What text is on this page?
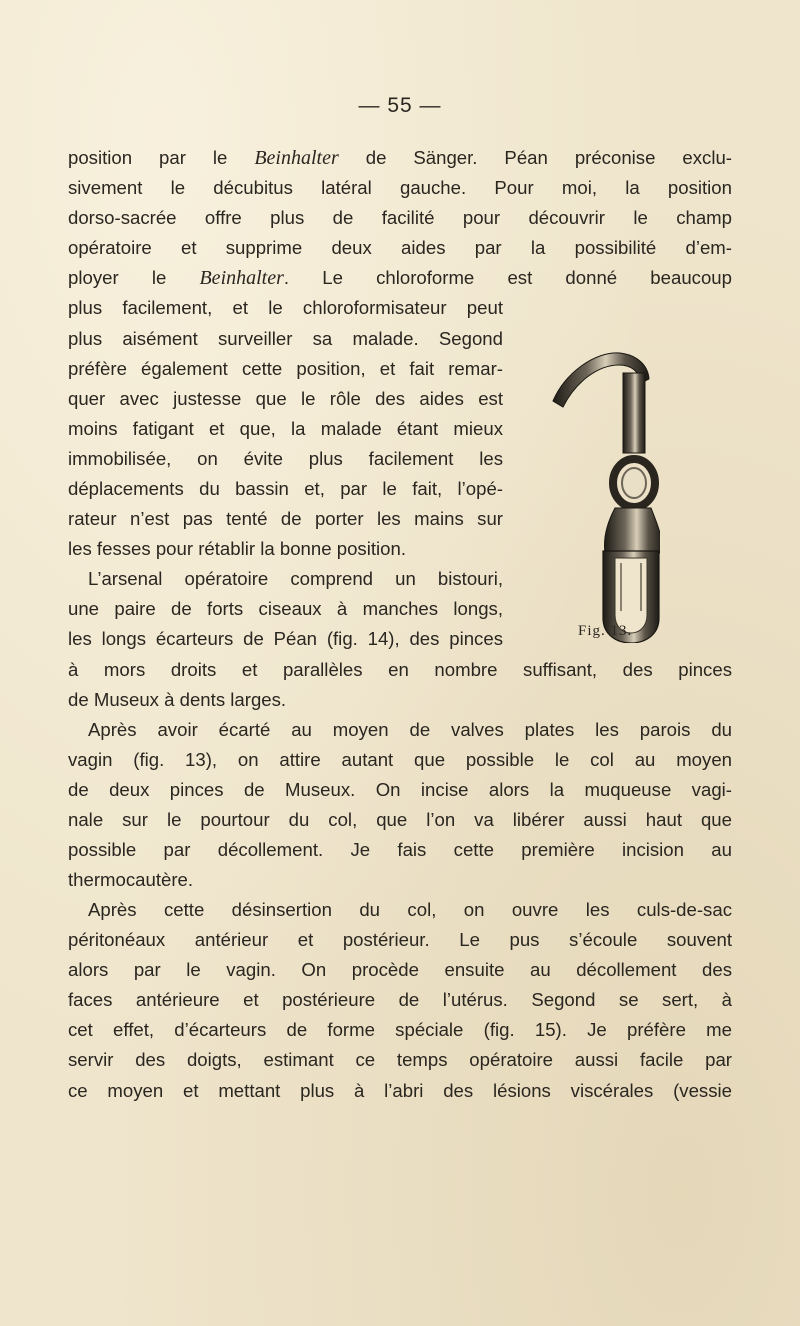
— 55 —
position par le Beinhalter de Sänger. Péan préconise exclu-
sivement le décubitus latéral gauche. Pour moi, la position
dorso-sacrée offre plus de facilité pour découvrir le champ
opératoire et supprime deux aides par la possibilité d’em-
ployer le Beinhalter. Le chloroforme est donné beaucoup
plus facilement, et le chloroformisateur peut
plus aisément surveiller sa malade. Segond
préfère également cette position, et fait remar-
quer avec justesse que le rôle des aides est
moins fatigant et que, la malade étant mieux
immobilisée, on évite plus facilement les
déplacements du bassin et, par le fait, l’opé-
rateur n’est pas tenté de porter les mains sur
les fesses pour rétablir la bonne position.
L’arsenal opératoire comprend un bistouri,
une paire de forts ciseaux à manches longs,
les longs écarteurs de Péan (fig. 14), des pinces
à mors droits et parallèles en nombre suffisant, des pinces
de Museux à dents larges.
Après avoir écarté au moyen de valves plates les parois du
vagin (fig. 13), on attire autant que possible le col au moyen
de deux pinces de Museux. On incise alors la muqueuse vagi-
nale sur le pourtour du col, que l’on va libérer aussi haut que
possible par décollement. Je fais cette première incision au
thermocautère.
Après cette désinsertion du col, on ouvre les culs-de-sac
péritonéaux antérieur et postérieur. Le pus s’écoule souvent
alors par le vagin. On procède ensuite au décollement des
faces antérieure et postérieure de l’utérus. Segond se sert, à
cet effet, d’écarteurs de forme spéciale (fig. 15). Je préfère me
servir des doigts, estimant ce temps opératoire aussi facile par
ce moyen et mettant plus à l’abri des lésions viscérales (vessie
Fig. 13.
